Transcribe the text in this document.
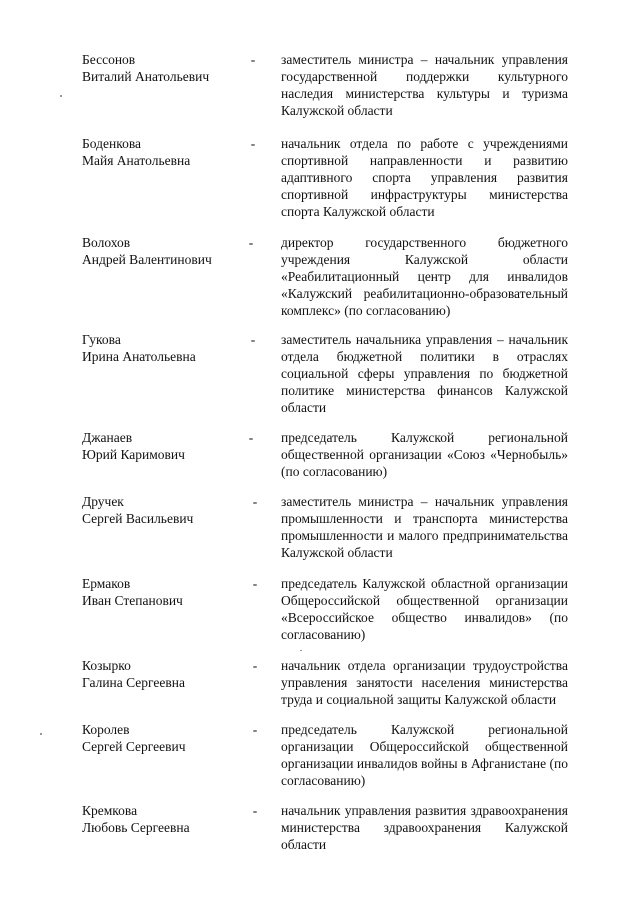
Бессонов
Виталий Анатольевич
- заместитель министра – начальник управления государственной поддержки культурного наследия министерства культуры и туризма Калужской области
Боденкова
Майя Анатольевна
- начальник отдела по работе с учреждениями спортивной направленности и развитию адаптивного спорта управления развития спортивной инфраструктуры министерства спорта Калужской области
Волохов
Андрей Валентинович
- директор государственного бюджетного учреждения Калужской области «Реабилитационный центр для инвалидов «Калужский реабилитационно-образовательный комплекс» (по согласованию)
Гукова
Ирина Анатольевна
- заместитель начальника управления – начальник отдела бюджетной политики в отраслях социальной сферы управления по бюджетной политике министерства финансов Калужской области
Джанаев
Юрий Каримович
- председатель Калужской региональной общественной организации «Союз «Чернобыль» (по согласованию)
Дручек
Сергей Васильевич
- заместитель министра – начальник управления промышленности и транспорта министерства промышленности и малого предпринимательства Калужской области
Ермаков
Иван Степанович
- председатель Калужской областной организации Общероссийской общественной организации «Всероссийское общество инвалидов» (по согласованию)
Козырко
Галина Сергеевна
- начальник отдела организации трудоустройства управления занятости населения министерства труда и социальной защиты Калужской области
Королев
Сергей Сергеевич
- председатель Калужской региональной организации Общероссийской общественной организации инвалидов войны в Афганистане (по согласованию)
Кремкова
Любовь Сергеевна
- начальник управления развития здравоохранения министерства здравоохранения Калужской области
